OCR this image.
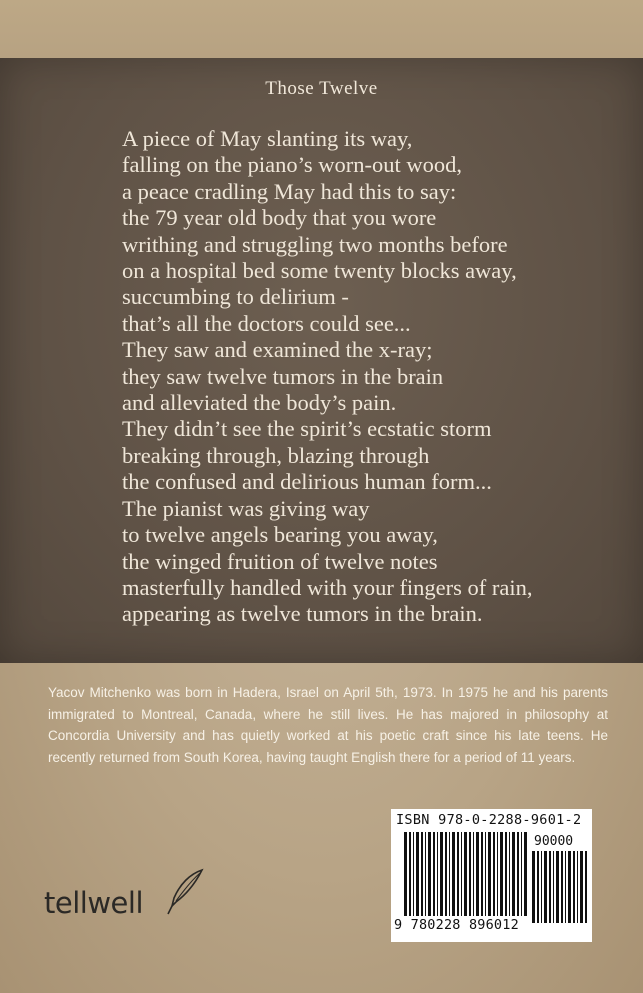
Those Twelve
A piece of May slanting its way,
falling on the piano’s worn-out wood,
a peace cradling May had this to say:
the 79 year old body that you wore
writhing and struggling two months before
on a hospital bed some twenty blocks away,
succumbing to delirium -
that’s all the doctors could see...
They saw and examined the x-ray;
they saw twelve tumors in the brain
and alleviated the body’s pain.
They didn’t see the spirit’s ecstatic storm
breaking through, blazing through
the confused and delirious human form...
The pianist was giving way
to twelve angels bearing you away,
the winged fruition of twelve notes
masterfully handled with your fingers of rain,
appearing as twelve tumors in the brain.
Yacov Mitchenko was born in Hadera, Israel on April 5th, 1973. In 1975 he and his parents immigrated to Montreal, Canada, where he still lives. He has majored in philosophy at Concordia University and has quietly worked at his poetic craft since his late teens. He recently returned from South Korea, having taught English there for a period of 11 years.
tellwell
ISBN 978-0-2288-9601-2
90000
9 780228 896012
